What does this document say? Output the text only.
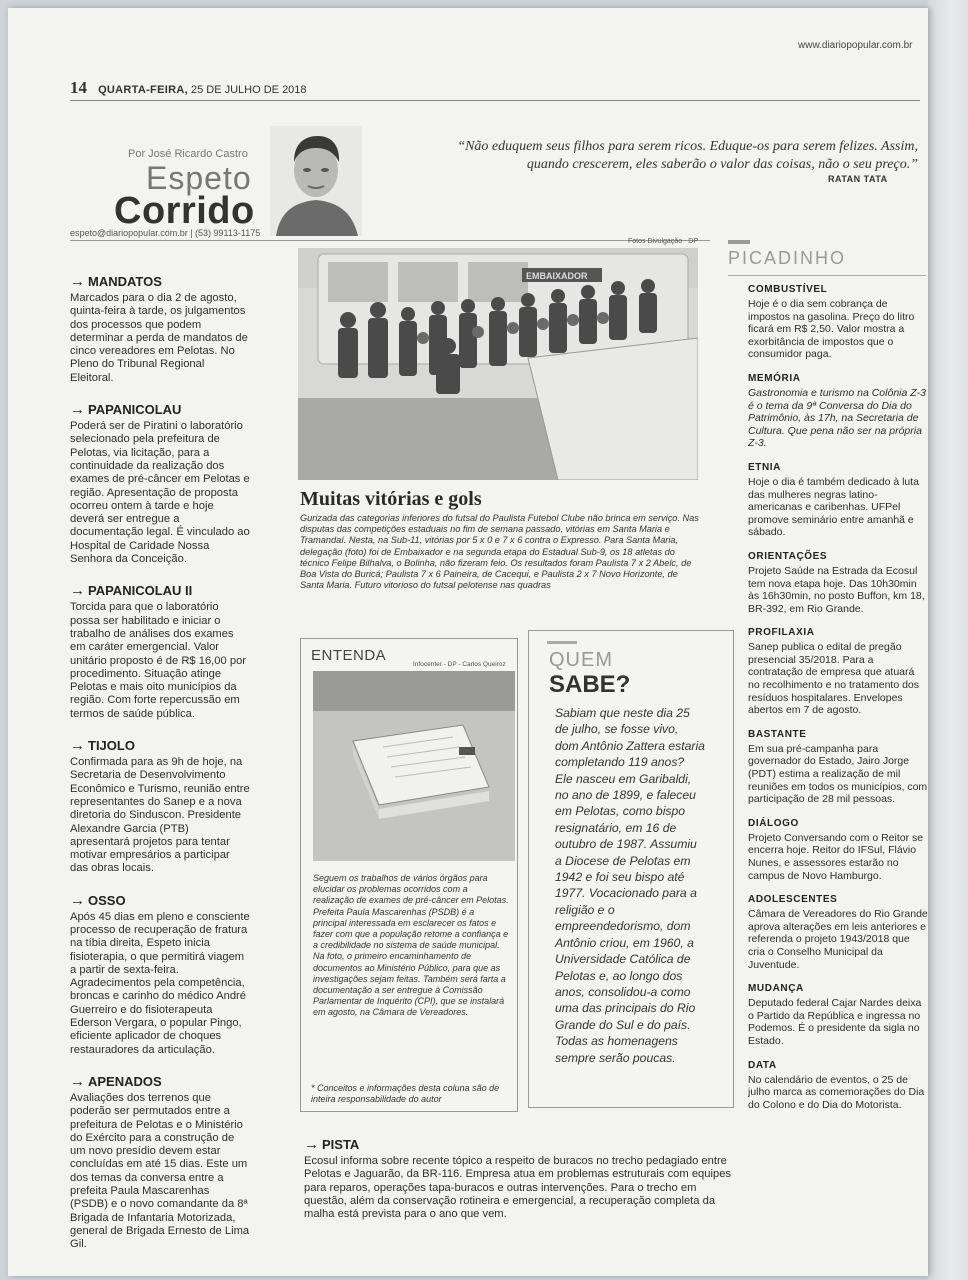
www.diariopopular.com.br
14 QUARTA-FEIRA, 25 DE JULHO DE 2018
Por José Ricardo Castro
Espeto
Corrido
espeto@diariopopular.com.br | (53) 99113-1175
“Não eduquem seus filhos para serem ricos. Eduque-os para serem felizes. Assim, quando crescerem, eles saberão o valor das coisas, não o seu preço.”
RATAN TATA
→ MANDATOS
Marcados para o dia 2 de agosto, quinta-feira à tarde, os julgamentos dos processos que podem determinar a perda de mandatos de cinco vereadores em Pelotas. No Pleno do Tribunal Regional Eleitoral.
→ PAPANICOLAU
Poderá ser de Piratini o laboratório selecionado pela prefeitura de Pelotas, via licitação, para a continuidade da realização dos exames de pré-câncer em Pelotas e região. Apresentação de proposta ocorreu ontem à tarde e hoje deverá ser entregue a documentação legal. É vinculado ao Hospital de Caridade Nossa Senhora da Conceição.
→ PAPANICOLAU II
Torcida para que o laboratório possa ser habilitado e iniciar o trabalho de análises dos exames em caráter emergencial. Valor unitário proposto é de R$ 16,00 por procedimento. Situação atinge Pelotas e mais oito municípios da região. Com forte repercussão em termos de saúde pública.
→ TIJOLO
Confirmada para as 9h de hoje, na Secretaria de Desenvolvimento Econômico e Turismo, reunião entre representantes do Sanep e a nova diretoria do Sinduscon. Presidente Alexandre Garcia (PTB) apresentará projetos para tentar motivar empresários a participar das obras locais.
→ OSSO
Após 45 dias em pleno e consciente processo de recuperação de fratura na tíbia direita, Espeto inicia fisioterapia, o que permitirá viagem a partir de sexta-feira. Agradecimentos pela competência, broncas e carinho do médico André Guerreiro e do fisioterapeuta Ederson Vergara, o popular Pingo, eficiente aplicador de choques restauradores da articulação.
→ APENADOS
Avaliações dos terrenos que poderão ser permutados entre a prefeitura de Pelotas e o Ministério do Exército para a construção de um novo presídio devem estar concluídas em até 15 dias. Este um dos temas da conversa entre a prefeita Paula Mascarenhas (PSDB) e o novo comandante da 8ª Brigada de Infantaria Motorizada, general de Brigada Ernesto de Lima Gil.
Fotos Divulgação - DP
EMBAIXADOR
Muitas vitórias e gols
Gurizada das categorias inferiores do futsal do Paulista Futebol Clube não brinca em serviço. Nas disputas das competições estaduais no fim de semana passado, vitórias em Santa Maria e Tramandaí. Nesta, na Sub-11, vitórias por 5 x 0 e 7 x 6 contra o Expresso. Para Santa Maria, delegação (foto) foi de Embaixador e na segunda etapa do Estadual Sub-9, os 18 atletas do técnico Felipe Bilhalva, o Bolinha, não fizeram feio. Os resultados foram Paulista 7 x 2 Abelc, de Boa Vista do Buricá; Paulista 7 x 6 Paineira, de Cacequi, e Paulista 2 x 7 Novo Horizonte, de Santa Maria. Futuro vitorioso do futsal pelotense nas quadras
ENTENDA
Infocenter - DP - Carlos Queiroz
Seguem os trabalhos de vários órgãos para elucidar os problemas ocorridos com a realização de exames de pré-câncer em Pelotas. Prefeita Paula Mascarenhas (PSDB) é a principal interessada em esclarecer os fatos e fazer com que a população retome a confiança e a credibilidade no sistema de saúde municipal. Na foto, o primeiro encaminhamento de documentos ao Ministério Público, para que as investigações sejam feitas. Também será farta a documentação a ser entregue à Comissão Parlamentar de Inquérito (CPI), que se instalará em agosto, na Câmara de Vereadores.
* Conceitos e informações desta coluna são de inteira responsabilidade do autor
QUEM
SABE?
Sabiam que neste dia 25 de julho, se fosse vivo, dom Antônio Zattera estaria completando 119 anos? Ele nasceu em Garibaldi, no ano de 1899, e faleceu em Pelotas, como bispo resignatário, em 16 de outubro de 1987. Assumiu a Diocese de Pelotas em 1942 e foi seu bispo até 1977. Vocacionado para a religião e o empreendedorismo, dom Antônio criou, em 1960, a Universidade Católica de Pelotas e, ao longo dos anos, consolidou-a como uma das principais do Rio Grande do Sul e do país. Todas as homenagens sempre serão poucas.
→ PISTA
Ecosul informa sobre recente tópico a respeito de buracos no trecho pedagiado entre Pelotas e Jaguarão, da BR-116. Empresa atua em problemas estruturais com equipes para reparos, operações tapa-buracos e outras intervenções. Para o trecho em questão, além da conservação rotineira e emergencial, a recuperação completa da malha está prevista para o ano que vem.
PICADINHO
COMBUSTÍVEL
Hoje é o dia sem cobrança de impostos na gasolina. Preço do litro ficará em R$ 2,50. Valor mostra a exorbitância de impostos que o consumidor paga.
MEMÓRIA
Gastronomia e turismo na Colônia Z-3 é o tema da 9ª Conversa do Dia do Patrimônio, às 17h, na Secretaria de Cultura. Que pena não ser na própria Z-3.
ETNIA
Hoje o dia é também dedicado à luta das mulheres negras latino-americanas e caribenhas. UFPel promove seminário entre amanhã e sábado.
ORIENTAÇÕES
Projeto Saúde na Estrada da Ecosul tem nova etapa hoje. Das 10h30min às 16h30min, no posto Buffon, km 18, BR-392, em Rio Grande.
PROFILAXIA
Sanep publica o edital de pregão presencial 35/2018. Para a contratação de empresa que atuará no recolhimento e no tratamento dos resíduos hospitalares. Envelopes abertos em 7 de agosto.
BASTANTE
Em sua pré-campanha para governador do Estado, Jairo Jorge (PDT) estima a realização de mil reuniões em todos os municípios, com participação de 28 mil pessoas.
DIÁLOGO
Projeto Conversando com o Reitor se encerra hoje. Reitor do IFSul, Flávio Nunes, e assessores estarão no campus de Novo Hamburgo.
ADOLESCENTES
Câmara de Vereadores do Rio Grande aprova alterações em leis anteriores e referenda o projeto 1943/2018 que cria o Conselho Municipal da Juventude.
MUDANÇA
Deputado federal Cajar Nardes deixa o Partido da República e ingressa no Podemos. É o presidente da sigla no Estado.
DATA
No calendário de eventos, o 25 de julho marca as comemorações do Dia do Colono e do Dia do Motorista.
